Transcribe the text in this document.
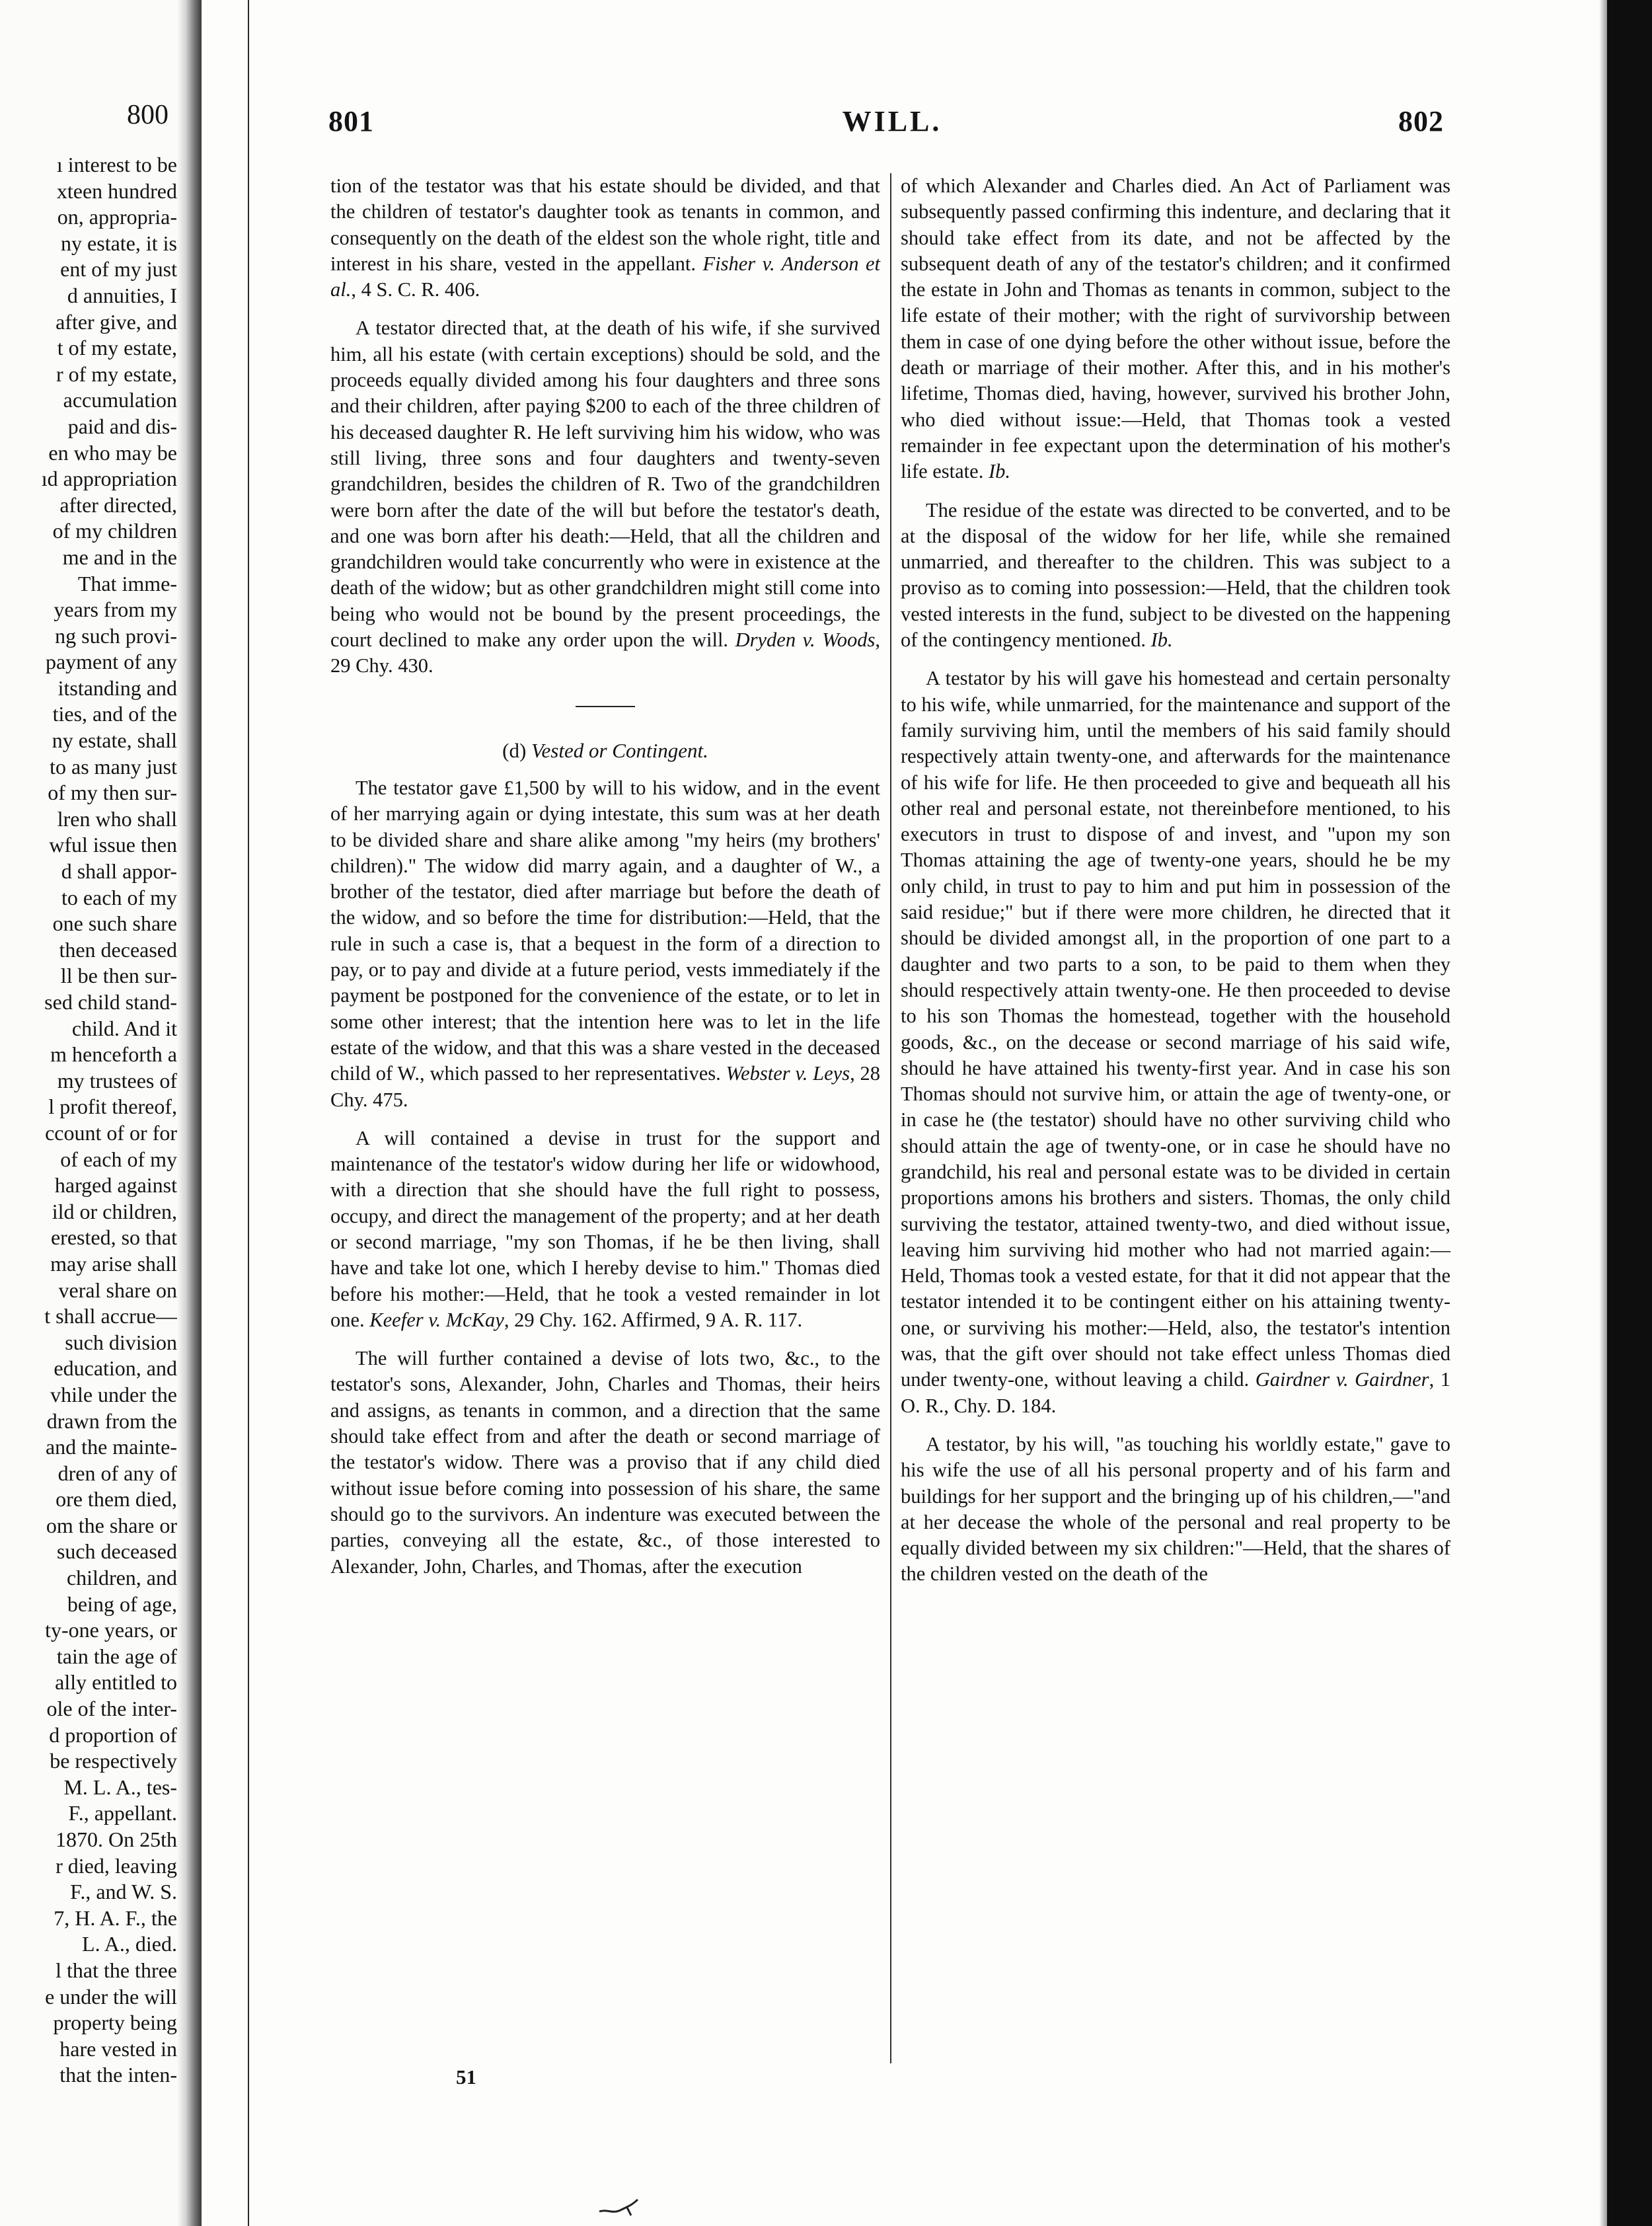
800
ı interest to be
xteen hundred
on, appropria-
ny estate, it is
ent of my just
d annuities, I
after give, and
t of my estate,
r of my estate,
accumulation
paid and dis-
en who may be
ıd appropriation
after directed,
of my children
me and in the
That imme-
years from my
ng such provi-
payment of any
itstanding and
ties, and of the
ny estate, shall
to as many just
of my then sur-
lren who shall
wful issue then
d shall appor-
to each of my
one such share
then deceased
ll be then sur-
sed child stand-
child. And it
m henceforth a
my trustees of
l profit thereof,
ccount of or for
of each of my
harged against
ild or children,
erested, so that
may arise shall
veral share on
t shall accrue—
such division
education, and
vhile under the
drawn from the
and the mainte-
dren of any of
ore them died,
om the share or
such deceased
children, and
being of age,
ty-one years, or
tain the age of
ally entitled to
ole of the inter-
d proportion of
be respectively
M. L. A., tes-
F., appellant.
1870. On 25th
r died, leaving
F., and W. S.
7, H. A. F., the
L. A., died.
l that the three
e under the will
property being
hare vested in
that the inten-
801	WILL.	802

tion of the testator was that his estate should be divided, and that the children of testator's daughter took as tenants in common, and consequently on the death of the eldest son the whole right, title and interest in his share, vested in the appellant. Fisher v. Anderson et al., 4 S. C. R. 406.

A testator directed that, at the death of his wife, if she survived him, all his estate (with certain exceptions) should be sold, and the proceeds equally divided among his four daughters and three sons and their children, after paying $200 to each of the three children of his deceased daughter R. He left surviving him his widow, who was still living, three sons and four daughters and twenty-seven grandchildren, besides the children of R. Two of the grandchildren were born after the date of the will but before the testator's death, and one was born after his death:—Held, that all the children and grandchildren would take concurrently who were in existence at the death of the widow; but as other grandchildren might still come into being who would not be bound by the present proceedings, the court declined to make any order upon the will. Dryden v. Woods, 29 Chy. 430.

(d) Vested or Contingent.

The testator gave £1,500 by will to his widow, and in the event of her marrying again or dying intestate, this sum was at her death to be divided share and share alike among "my heirs (my brothers' children)." The widow did marry again, and a daughter of W., a brother of the testator, died after marriage but before the death of the widow, and so before the time for distribution:—Held, that the rule in such a case is, that a bequest in the form of a direction to pay, or to pay and divide at a future period, vests immediately if the payment be postponed for the convenience of the estate, or to let in some other interest; that the intention here was to let in the life estate of the widow, and that this was a share vested in the deceased child of W., which passed to her representatives. Webster v. Leys, 28 Chy. 475.

A will contained a devise in trust for the support and maintenance of the testator's widow during her life or widowhood, with a direction that she should have the full right to possess, occupy, and direct the management of the property; and at her death or second marriage, "my son Thomas, if he be then living, shall have and take lot one, which I hereby devise to him." Thomas died before his mother:—Held, that he took a vested remainder in lot one. Keefer v. McKay, 29 Chy. 162. Affirmed, 9 A. R. 117.

The will further contained a devise of lots two, &c., to the testator's sons, Alexander, John, Charles and Thomas, their heirs and assigns, as tenants in common, and a direction that the same should take effect from and after the death or second marriage of the testator's widow. There was a proviso that if any child died without issue before coming into possession of his share, the same should go to the survivors. An indenture was executed between the parties, conveying all the estate, &c., of those interested to Alexander, John, Charles, and Thomas, after the execution

of which Alexander and Charles died. An Act of Parliament was subsequently passed confirming this indenture, and declaring that it should take effect from its date, and not be affected by the subsequent death of any of the testator's children; and it confirmed the estate in John and Thomas as tenants in common, subject to the life estate of their mother; with the right of survivorship between them in case of one dying before the other without issue, before the death or marriage of their mother. After this, and in his mother's lifetime, Thomas died, having, however, survived his brother John, who died without issue:—Held, that Thomas took a vested remainder in fee expectant upon the determination of his mother's life estate. Ib.

The residue of the estate was directed to be converted, and to be at the disposal of the widow for her life, while she remained unmarried, and thereafter to the children. This was subject to a proviso as to coming into possession:—Held, that the children took vested interests in the fund, subject to be divested on the happening of the contingency mentioned. Ib.

A testator by his will gave his homestead and certain personalty to his wife, while unmarried, for the maintenance and support of the family surviving him, until the members of his said family should respectively attain twenty-one, and afterwards for the maintenance of his wife for life. He then proceeded to give and bequeath all his other real and personal estate, not thereinbefore mentioned, to his executors in trust to dispose of and invest, and "upon my son Thomas attaining the age of twenty-one years, should he be my only child, in trust to pay to him and put him in possession of the said residue;" but if there were more children, he directed that it should be divided amongst all, in the proportion of one part to a daughter and two parts to a son, to be paid to them when they should respectively attain twenty-one. He then proceeded to devise to his son Thomas the homestead, together with the household goods, &c., on the decease or second marriage of his said wife, should he have attained his twenty-first year. And in case his son Thomas should not survive him, or attain the age of twenty-one, or in case he (the testator) should have no other surviving child who should attain the age of twenty-one, or in case he should have no grandchild, his real and personal estate was to be divided in certain proportions amons his brothers and sisters. Thomas, the only child surviving the testator, attained twenty-two, and died without issue, leaving him surviving hid mother who had not married again:—Held, Thomas took a vested estate, for that it did not appear that the testator intended it to be contingent either on his attaining twenty-one, or surviving his mother:—Held, also, the testator's intention was, that the gift over should not take effect unless Thomas died under twenty-one, without leaving a child. Gairdner v. Gairdner, 1 O. R., Chy. D. 184.

A testator, by his will, "as touching his worldly estate," gave to his wife the use of all his personal property and of his farm and buildings for her support and the bringing up of his children,—"and at her decease the whole of the personal and real property to be equally divided between my six children:"—Held, that the shares of the children vested on the death of the

51
